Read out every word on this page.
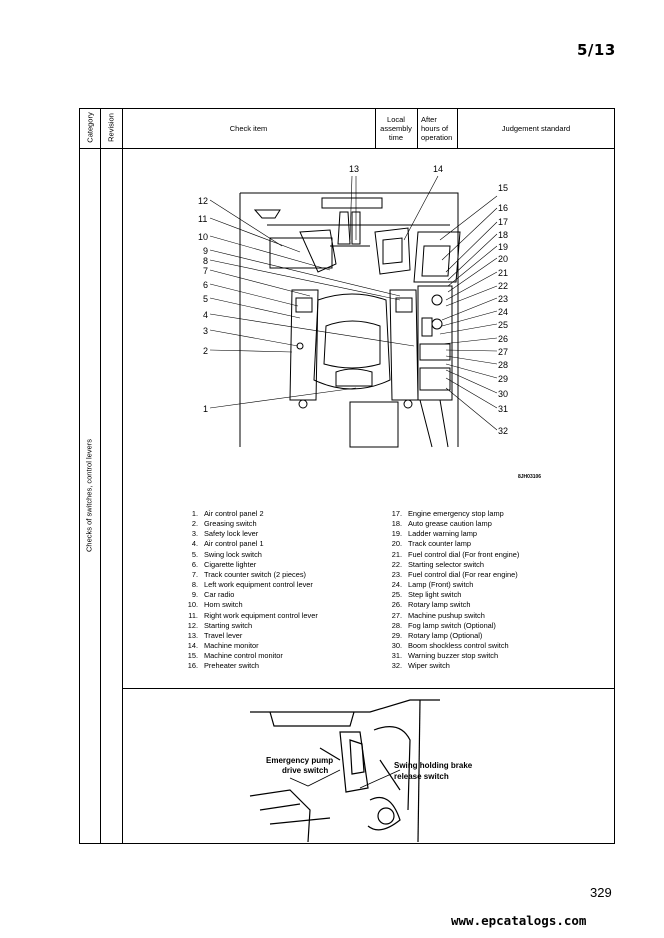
5/13
Category Revision	Check item
Local
assembly
time
After
hours of
operation
Judgement standard
Checks of switches, control levers
13	14
15
16
17
18
19
20
21
22
23
24
25
26
27
28
29
30
31
32
12
11
10
9
8
7
6
5
4
3
2
1
8JH03106
1. Air control panel 2
2. Greasing switch
3. Safety lock lever
4. Air control panel 1
5. Swing lock switch
6. Cigarette lighter
7. Track counter switch (2 pieces)
8. Left work equipment control lever
9. Car radio
10. Horn switch
11. Right work equipment control lever
12. Starting switch
13. Travel lever
14. Machine monitor
15. Machine control monitor
16. Preheater switch
17. Engine emergency stop lamp
18. Auto grease caution lamp
19. Ladder warning lamp
20. Track counter lamp
21. Fuel control dial (For front engine)
22. Starting selector switch
23. Fuel control dial (For rear engine)
24. Lamp (Front) switch
25. Step light switch
26. Rotary lamp switch
27. Machine pushup switch
28. Fog lamp switch (Optional)
29. Rotary lamp (Optional)
30. Boom shockless control switch
31. Warning buzzer stop switch
32. Wiper switch
Emergency pump
drive switch
Swing holding brake
release switch
329
www.epcatalogs.com
